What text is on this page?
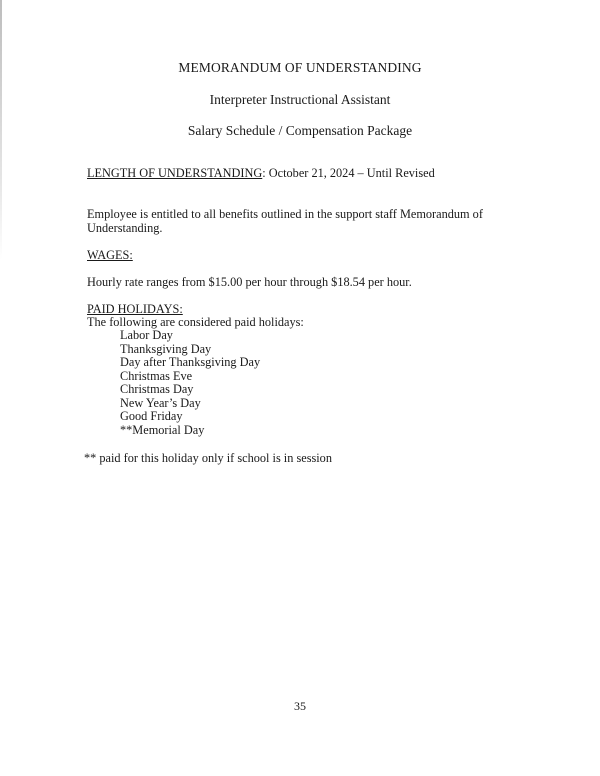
MEMORANDUM OF UNDERSTANDING
Interpreter Instructional Assistant
Salary Schedule / Compensation Package
LENGTH OF UNDERSTANDING: October 21, 2024 – Until Revised
Employee is entitled to all benefits outlined in the support staff Memorandum of Understanding.
WAGES:
Hourly rate ranges from $15.00 per hour through $18.54 per hour.
PAID HOLIDAYS:
The following are considered paid holidays:
Labor Day
Thanksgiving Day
Day after Thanksgiving Day
Christmas Eve
Christmas Day
New Year’s Day
Good Friday
**Memorial Day
** paid for this holiday only if school is in session
35
